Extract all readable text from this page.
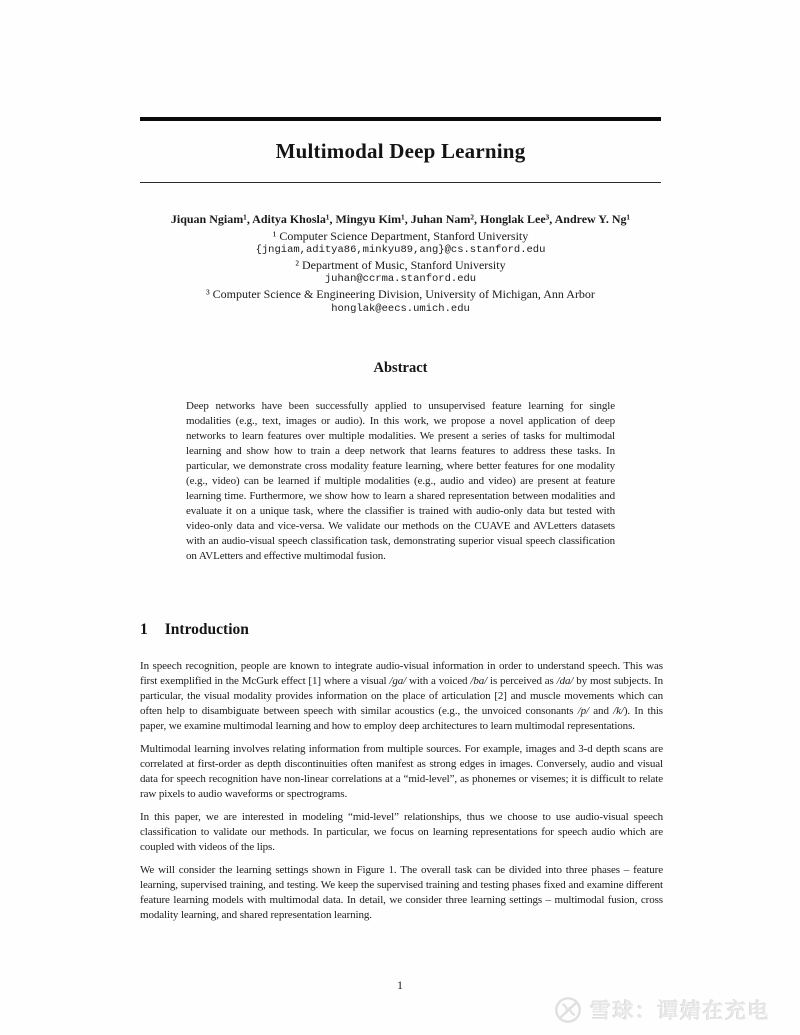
Multimodal Deep Learning
Jiquan Ngiam¹, Aditya Khosla¹, Mingyu Kim¹, Juhan Nam², Honglak Lee³, Andrew Y. Ng¹
¹ Computer Science Department, Stanford University
{jngiam,aditya86,minkyu89,ang}@cs.stanford.edu
² Department of Music, Stanford University
juhan@ccrma.stanford.edu
³ Computer Science & Engineering Division, University of Michigan, Ann Arbor
honglak@eecs.umich.edu
Abstract
Deep networks have been successfully applied to unsupervised feature learning for single modalities (e.g., text, images or audio). In this work, we propose a novel application of deep networks to learn features over multiple modalities. We present a series of tasks for multimodal learning and show how to train a deep network that learns features to address these tasks. In particular, we demonstrate cross modality feature learning, where better features for one modality (e.g., video) can be learned if multiple modalities (e.g., audio and video) are present at feature learning time. Furthermore, we show how to learn a shared representation between modalities and evaluate it on a unique task, where the classifier is trained with audio-only data but tested with video-only data and vice-versa. We validate our methods on the CUAVE and AVLetters datasets with an audio-visual speech classification task, demonstrating superior visual speech classification on AVLetters and effective multimodal fusion.
1 Introduction

In speech recognition, people are known to integrate audio-visual information in order to understand speech. This was first exemplified in the McGurk effect [1] where a visual /ga/ with a voiced /ba/ is perceived as /da/ by most subjects. In particular, the visual modality provides information on the place of articulation [2] and muscle movements which can often help to disambiguate between speech with similar acoustics (e.g., the unvoiced consonants /p/ and /k/). In this paper, we examine multimodal learning and how to employ deep architectures to learn multimodal representations.

Multimodal learning involves relating information from multiple sources. For example, images and 3-d depth scans are correlated at first-order as depth discontinuities often manifest as strong edges in images. Conversely, audio and visual data for speech recognition have non-linear correlations at a “mid-level”, as phonemes or visemes; it is difficult to relate raw pixels to audio waveforms or spectrograms.

In this paper, we are interested in modeling “mid-level” relationships, thus we choose to use audio-visual speech classification to validate our methods. In particular, we focus on learning representations for speech audio which are coupled with videos of the lips.

We will consider the learning settings shown in Figure 1. The overall task can be divided into three phases – feature learning, supervised training, and testing. We keep the supervised training and testing phases fixed and examine different feature learning models with multimodal data. In detail, we consider three learning settings – multimodal fusion, cross modality learning, and shared representation learning.

1
雪球：谭婧在充电
